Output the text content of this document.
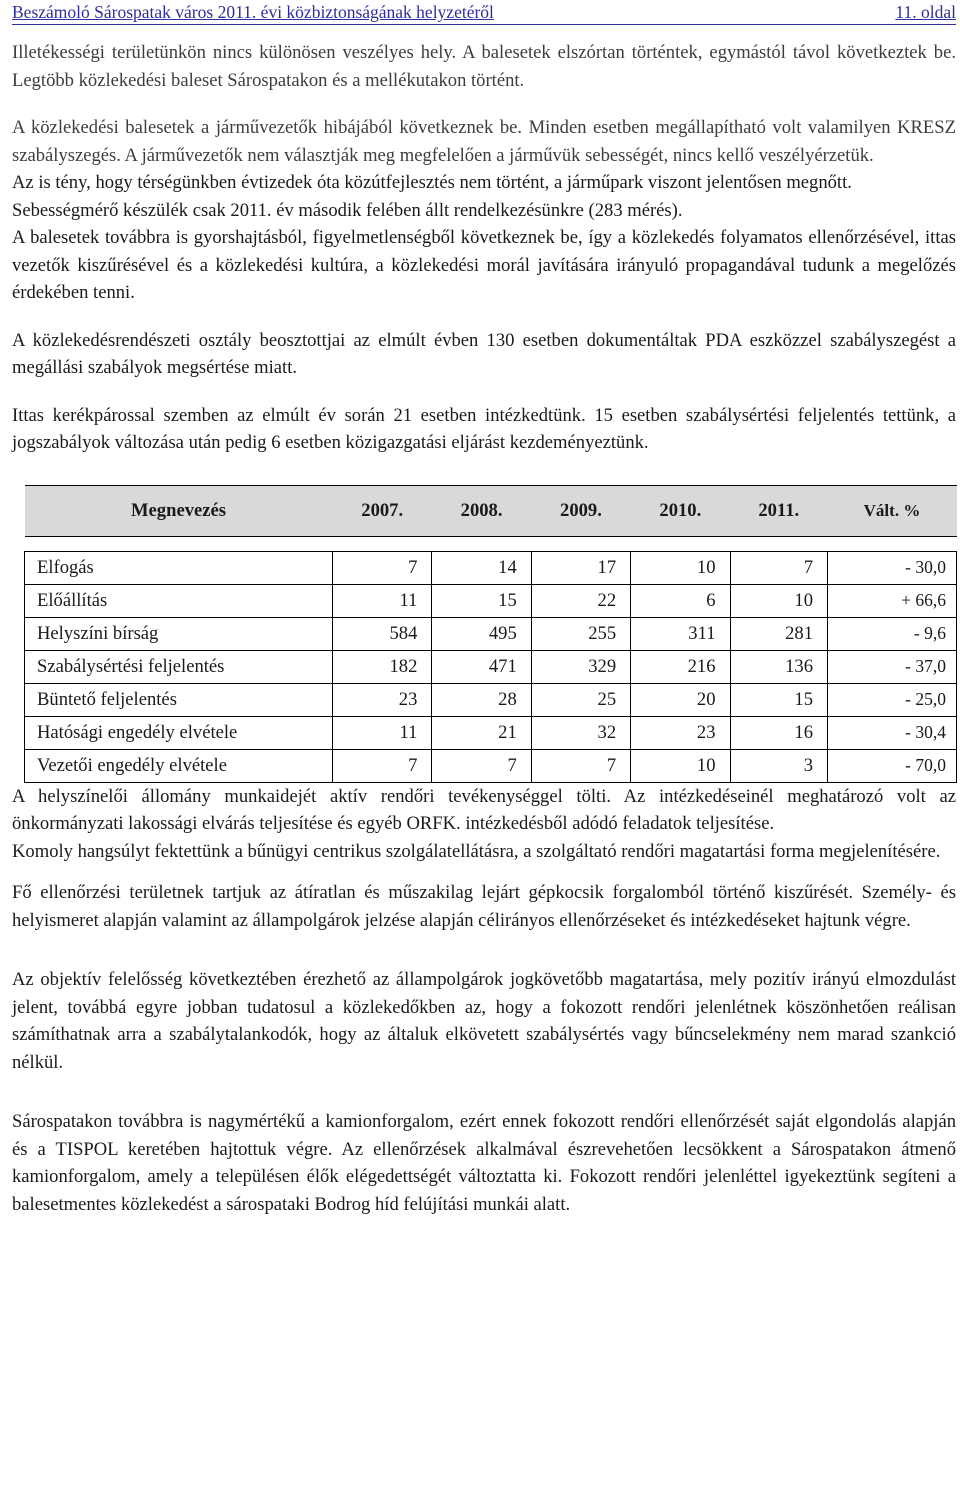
Beszámoló Sárospatak város 2011. évi közbiztonságának helyzetéről	11. oldal

Illetékességi területünkön nincs különösen veszélyes hely. A balesetek elszórtan történtek, egymástól távol következtek be. Legtöbb közlekedési baleset Sárospatakon és a mellékutakon történt.

A közlekedési balesetek a járművezetők hibájából következnek be. Minden esetben megállapítható volt valamilyen KRESZ szabályszegés. A járművezetők nem választják meg megfelelően a járművük sebességét, nincs kellő veszélyérzetük.

Az is tény, hogy térségünkben évtizedek óta közútfejlesztés nem történt, a járműpark viszont jelentősen megnőtt.

Sebességmérő készülék csak 2011. év második felében állt rendelkezésünkre (283 mérés).

A balesetek továbbra is gyorshajtásból, figyelmetlenségből következnek be, így a közlekedés folyamatos ellenőrzésével, ittas vezetők kiszűrésével és a közlekedési kultúra, a közlekedési morál javítására irányuló propagandával tudunk a megelőzés érdekében tenni.

A közlekedésrendészeti osztály beosztottjai az elmúlt évben 130 esetben dokumentáltak PDA eszközzel szabályszegést a megállási szabályok megsértése miatt.

Ittas kerékpárossal szemben az elmúlt év során 21 esetben intézkedtünk. 15 esetben szabálysértési feljelentés tettünk, a jogszabályok változása után pedig 6 esetben közigazgatási eljárást kezdeményeztünk.

Megnevezés	2007.	2008.	2009.	2010.	2011.	Vált. %

Elfogás	7	14	17	10	7	- 30,0
Előállítás	11	15	22	6	10	+ 66,6
Helyszíni bírság	584	495	255	311	281	- 9,6
Szabálysértési feljelentés	182	471	329	216	136	- 37,0
Büntető feljelentés	23	28	25	20	15	- 25,0
Hatósági engedély elvétele	11	21	32	23	16	- 30,4
Vezetői engedély elvétele	7	7	7	10	3	- 70,0

A helyszínelői állomány munkaidejét aktív rendőri tevékenységgel tölti. Az intézkedéseinél meghatározó volt az önkormányzati lakossági elvárás teljesítése és egyéb ORFK. intézkedésből adódó feladatok teljesítése.

Komoly hangsúlyt fektettünk a bűnügyi centrikus szolgálatellátásra, a szolgáltató rendőri magatartási forma megjelenítésére.

Fő ellenőrzési területnek tartjuk az átíratlan és műszakilag lejárt gépkocsik forgalomból történő kiszűrését. Személy- és helyismeret alapján valamint az állampolgárok jelzése alapján célirányos ellenőrzéseket és intézkedéseket hajtunk végre.

Az objektív felelősség következtében érezhető az állampolgárok jogkövetőbb magatartása, mely pozitív irányú elmozdulást jelent, továbbá egyre jobban tudatosul a közlekedőkben az, hogy a fokozott rendőri jelenlétnek köszönhetően reálisan számíthatnak arra a szabálytalankodók, hogy az általuk elkövetett szabálysértés vagy bűncselekmény nem marad szankció nélkül.

Sárospatakon továbbra is nagymértékű a kamionforgalom, ezért ennek fokozott rendőri ellenőrzését saját elgondolás alapján és a TISPOL keretében hajtottuk végre. Az ellenőrzések alkalmával észrevehetően lecsökkent a Sárospatakon átmenő kamionforgalom, amely a településen élők elégedettségét változtatta ki. Fokozott rendőri jelenléttel igyekeztünk segíteni a balesetmentes közlekedést a sárospataki Bodrog híd felújítási munkái alatt.
